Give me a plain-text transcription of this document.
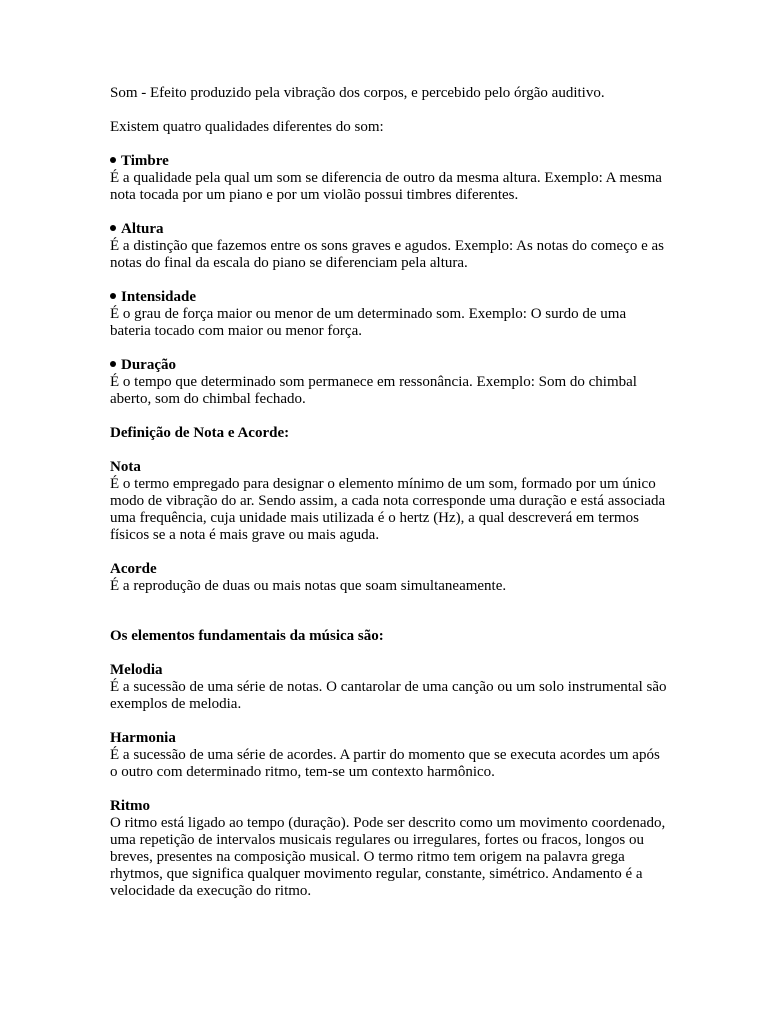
Som - Efeito produzido pela vibração dos corpos, e percebido pelo órgão auditivo.

Existem quatro qualidades diferentes do som:

Timbre

É a qualidade pela qual um som se diferencia de outro da mesma altura. Exemplo: A mesma nota tocada por um piano e por um violão possui timbres diferentes.

Altura

É a distinção que fazemos entre os sons graves e agudos. Exemplo: As notas do começo e as notas do final da escala do piano se diferenciam pela altura.

Intensidade

É o grau de força maior ou menor de um determinado som. Exemplo: O surdo de uma bateria tocado com maior ou menor força.

Duração

É o tempo que determinado som permanece em ressonância. Exemplo: Som do chimbal aberto, som do chimbal fechado.

Definição de Nota e Acorde:

Nota

É o termo empregado para designar o elemento mínimo de um som, formado por um único modo de vibração do ar. Sendo assim, a cada nota corresponde uma duração e está associada uma frequência, cuja unidade mais utilizada é o hertz (Hz), a qual descreverá em termos físicos se a nota é mais grave ou mais aguda.

Acorde

É a reprodução de duas ou mais notas que soam simultaneamente.

Os elementos fundamentais da música são:

Melodia

É a sucessão de uma série de notas. O cantarolar de uma canção ou um solo instrumental são exemplos de melodia.

Harmonia

É a sucessão de uma série de acordes. A partir do momento que se executa acordes um após o outro com determinado ritmo, tem-se um contexto harmônico.

Ritmo

O ritmo está ligado ao tempo (duração). Pode ser descrito como um movimento coordenado, uma repetição de intervalos musicais regulares ou irregulares, fortes ou fracos, longos ou breves, presentes na composição musical. O termo ritmo tem origem na palavra grega rhytmos, que significa qualquer movimento regular, constante, simétrico. Andamento é a velocidade da execução do ritmo.
